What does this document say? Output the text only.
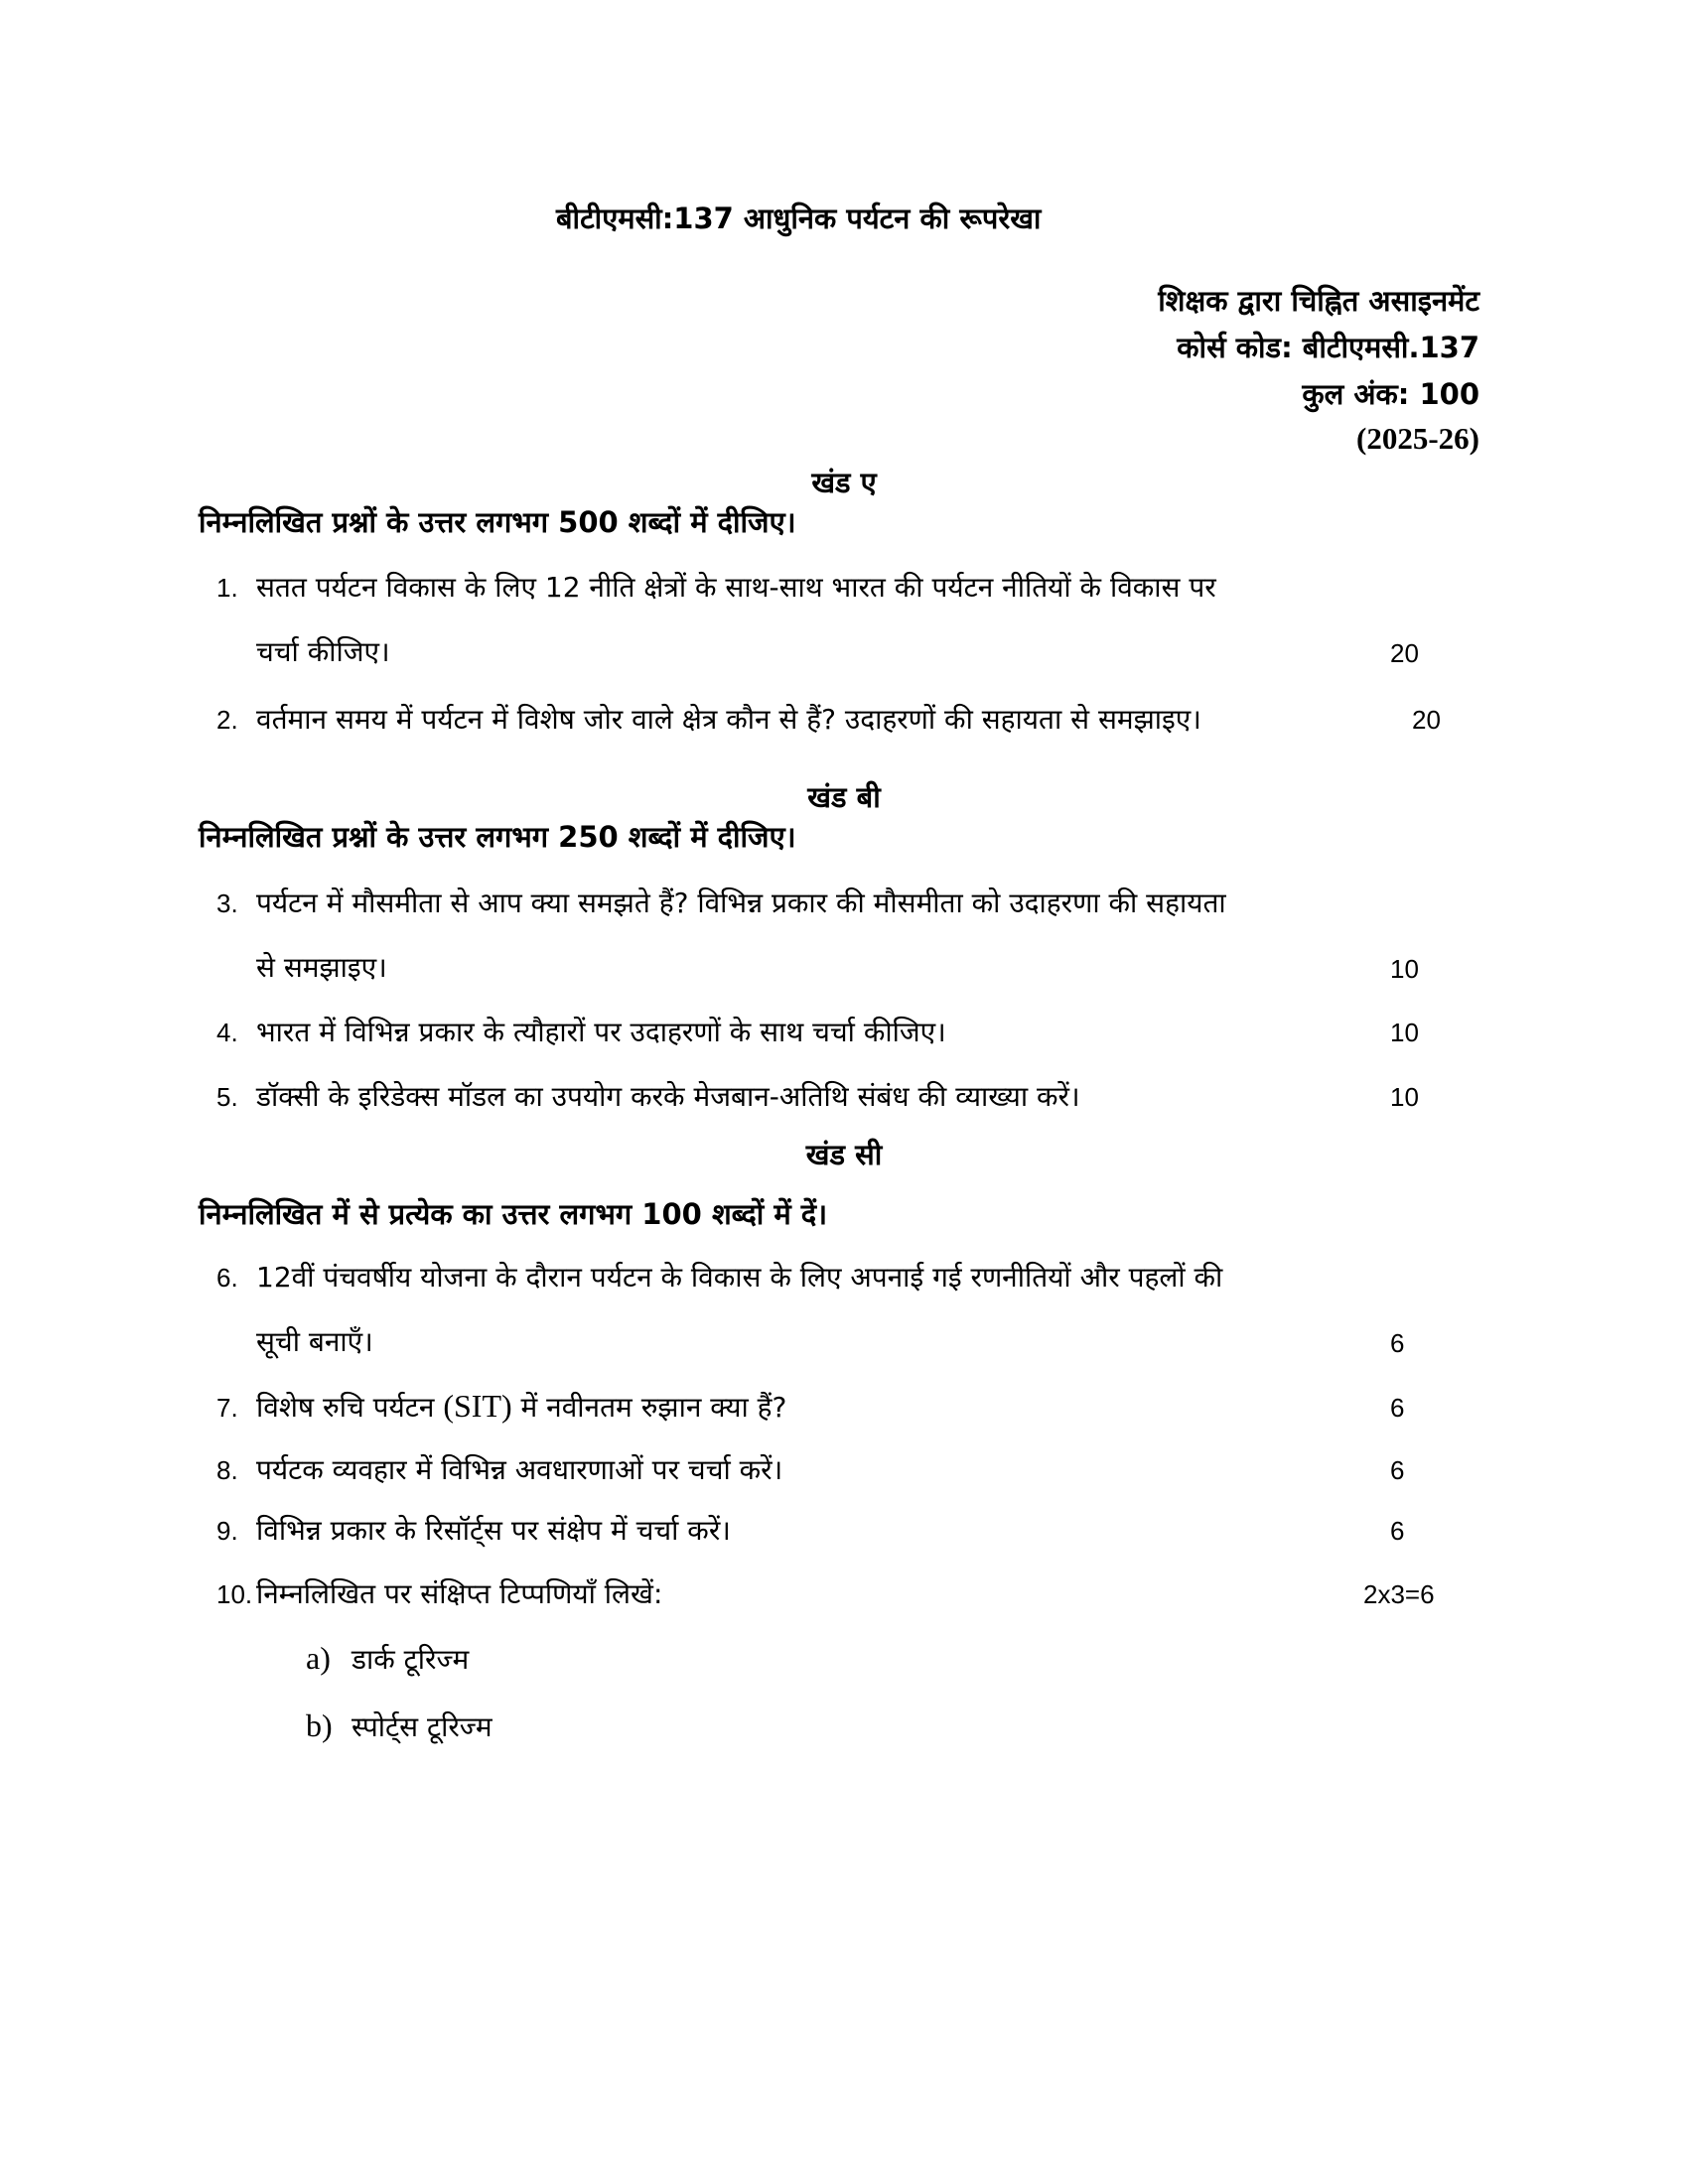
बीटीएमसी:137 आधुनिक पर्यटन की रूपरेखा
शिक्षक द्वारा चिह्नित असाइनमेंट
कोर्स कोड: बीटीएमसी.137
कुल अंक: 100
(2025-26)
खंड ए
निम्नलिखित प्रश्नों के उत्तर लगभग 500 शब्दों में दीजिए।
1. सतत पर्यटन विकास के लिए 12 नीति क्षेत्रों के साथ-साथ भारत की पर्यटन नीतियों के विकास पर
चर्चा कीजिए।	20
2. वर्तमान समय में पर्यटन में विशेष जोर वाले क्षेत्र कौन से हैं? उदाहरणों की सहायता से समझाइए।	20
खंड बी
निम्नलिखित प्रश्नों के उत्तर लगभग 250 शब्दों में दीजिए।
3. पर्यटन में मौसमीता से आप क्या समझते हैं? विभिन्न प्रकार की मौसमीता को उदाहरणा की सहायता
से समझाइए।	10
4. भारत में विभिन्न प्रकार के त्यौहारों पर उदाहरणों के साथ चर्चा कीजिए।	10
5. डॉक्सी के इरिडेक्स मॉडल का उपयोग करके मेजबान-अतिथि संबंध की व्याख्या करें।	10
खंड सी
निम्नलिखित में से प्रत्येक का उत्तर लगभग 100 शब्दों में दें।
6. 12वीं पंचवर्षीय योजना के दौरान पर्यटन के विकास के लिए अपनाई गई रणनीतियों और पहलों की
सूची बनाएँ।	6
7. विशेष रुचि पर्यटन (SIT) में नवीनतम रुझान क्या हैं?	6
8. पर्यटक व्यवहार में विभिन्न अवधारणाओं पर चर्चा करें।	6
9. विभिन्न प्रकार के रिसॉर्ट्स पर संक्षेप में चर्चा करें।	6
10. निम्नलिखित पर संक्षिप्त टिप्पणियाँ लिखें:	2x3=6
a) डार्क टूरिज्म
b) स्पोर्ट्स टूरिज्म
